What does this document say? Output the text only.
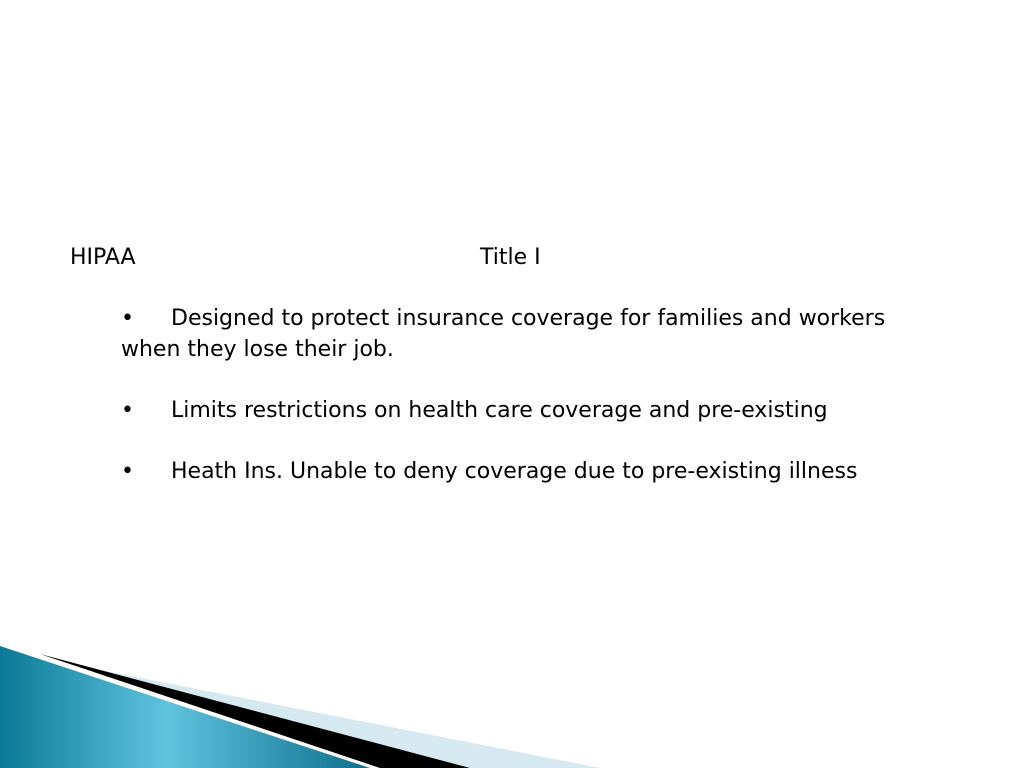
HIPAA	Title I

• Designed to protect insurance coverage for families and workers when they lose their job.

• Limits restrictions on health care coverage and pre-existing

• Heath Ins. Unable to deny coverage due to pre-existing illness
